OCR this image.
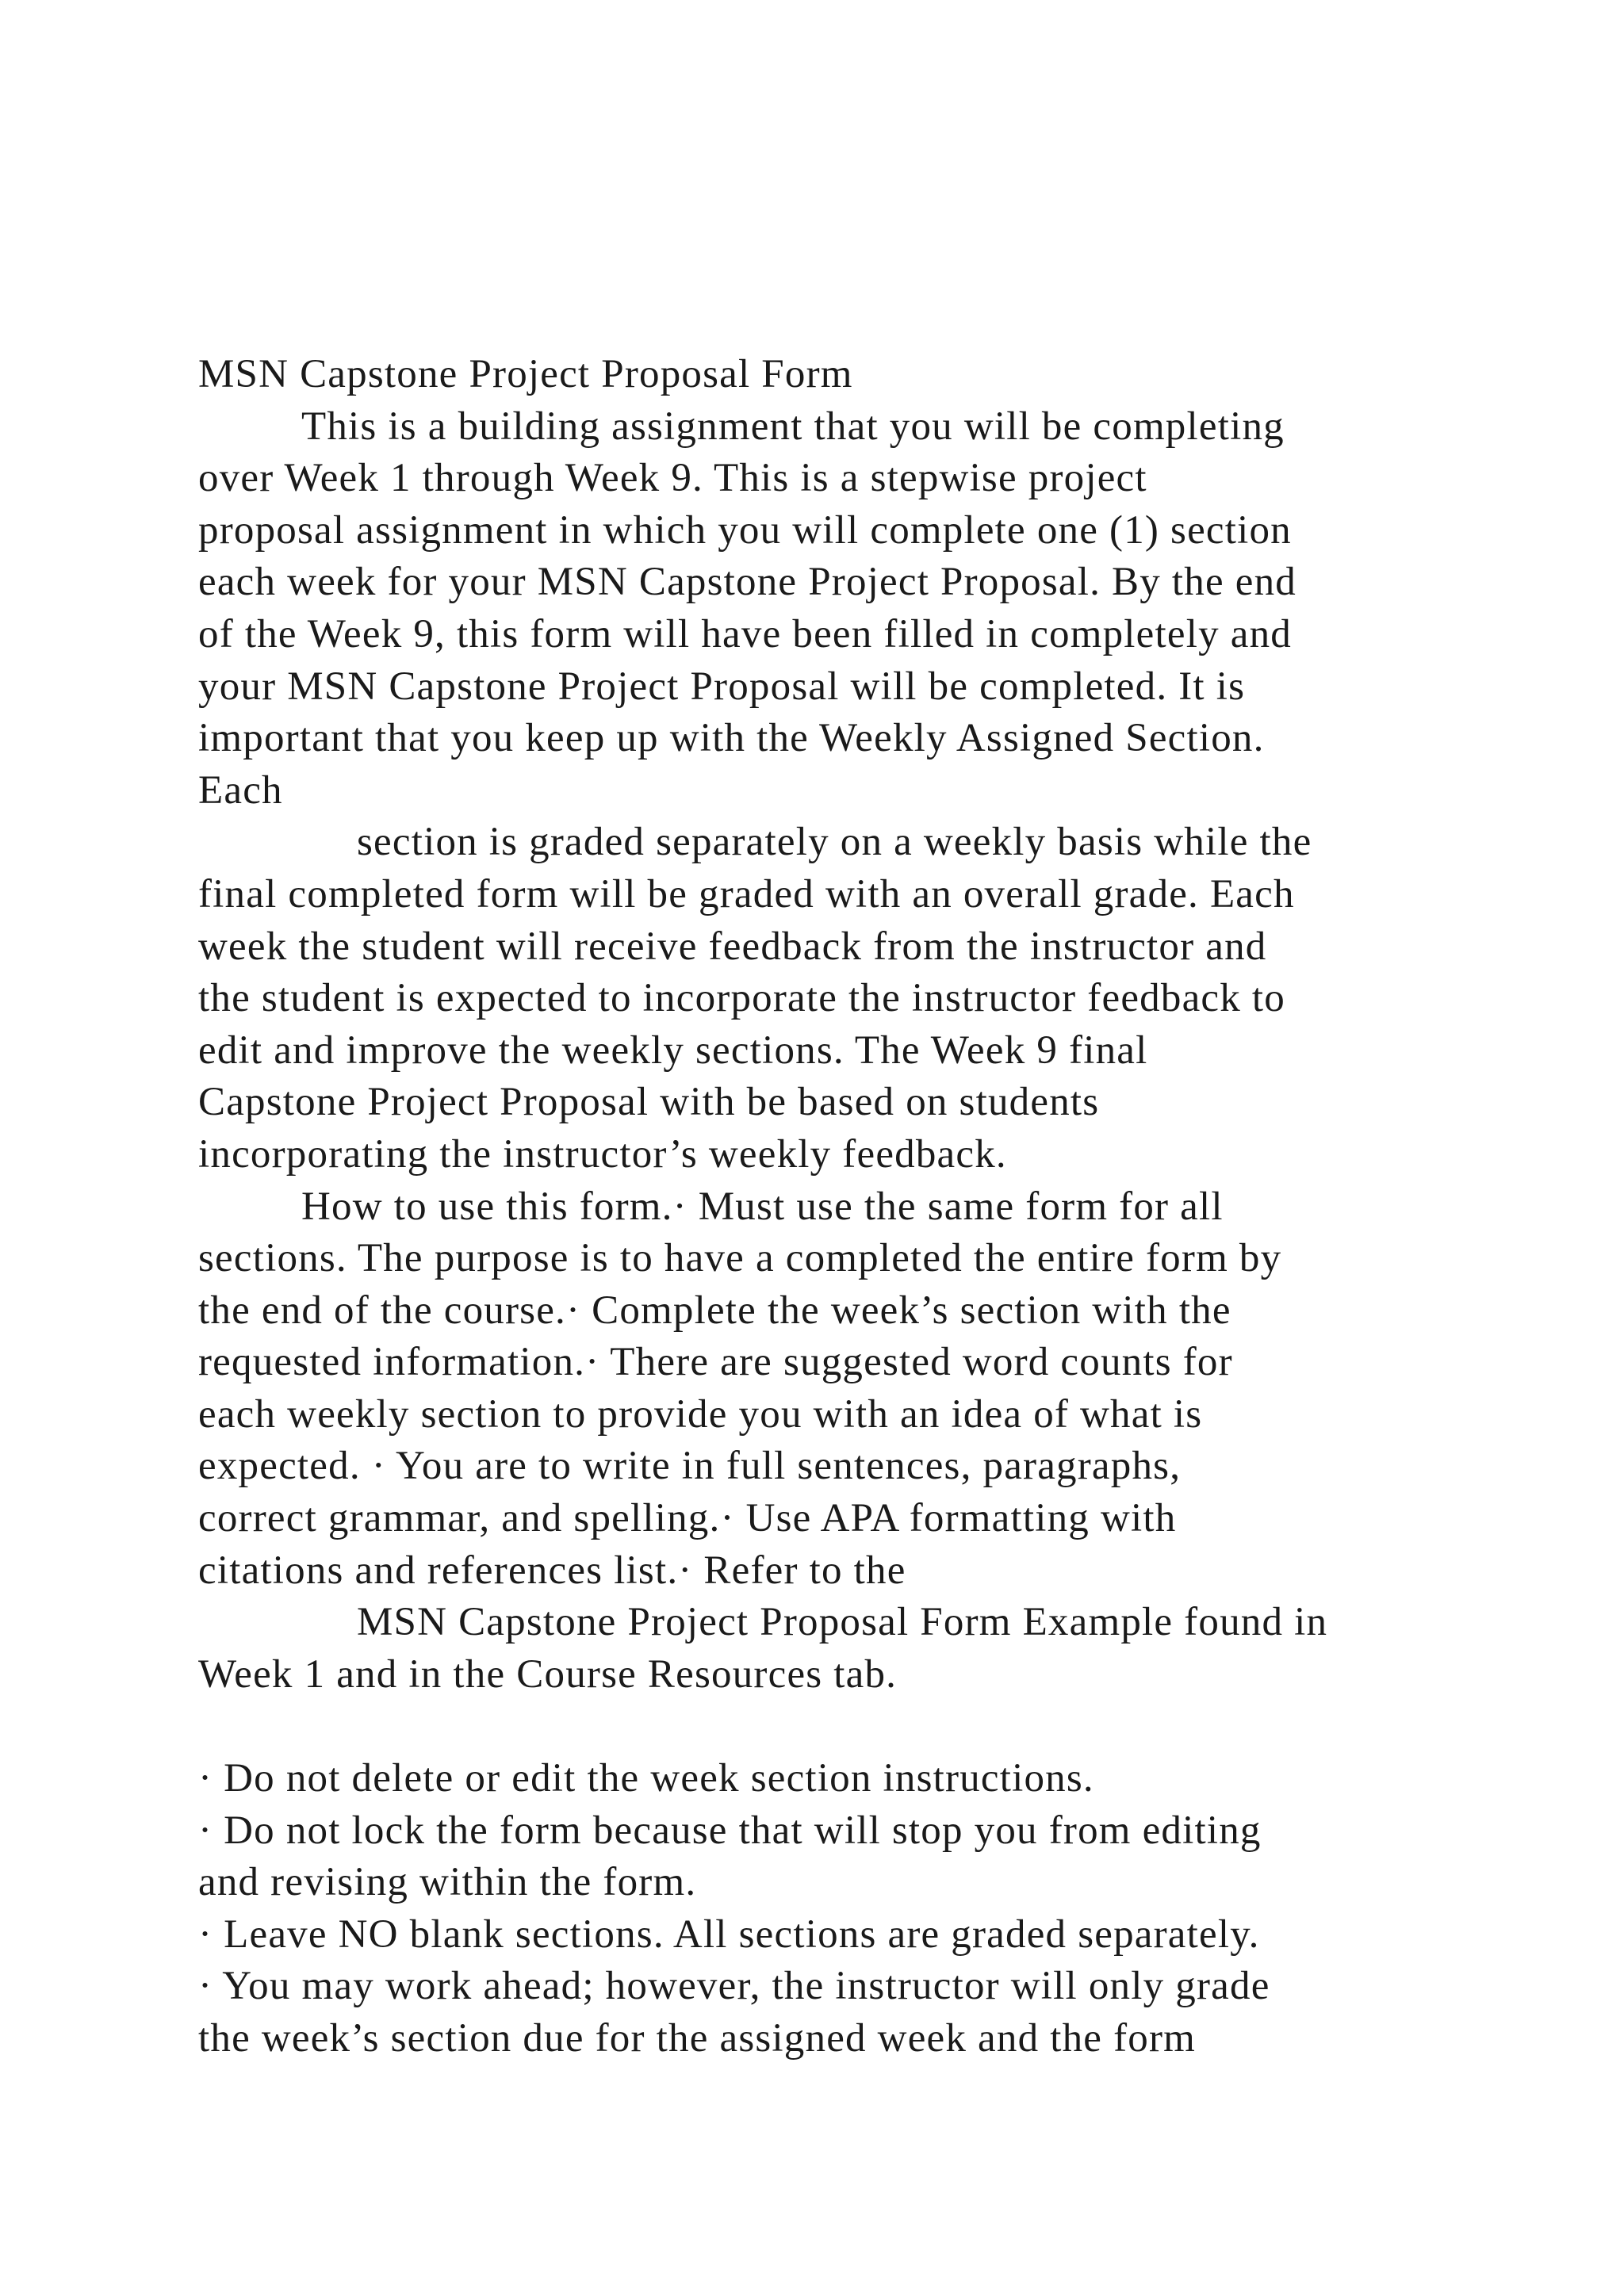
MSN Capstone Project Proposal Form
This is a building assignment that you will be completing
over Week 1 through Week 9. This is a stepwise project
proposal assignment in which you will complete one (1) section
each week for your MSN Capstone Project Proposal. By the end
of the Week 9, this form will have been filled in completely and
your MSN Capstone Project Proposal will be completed. It is
important that you keep up with the Weekly Assigned Section.
Each
section is graded separately on a weekly basis while the
final completed form will be graded with an overall grade. Each
week the student will receive feedback from the instructor and
the student is expected to incorporate the instructor feedback to
edit and improve the weekly sections. The Week 9 final
Capstone Project Proposal with be based on students
incorporating the instructor’s weekly feedback.
How to use this form.· Must use the same form for all
sections. The purpose is to have a completed the entire form by
the end of the course.· Complete the week’s section with the
requested information.· There are suggested word counts for
each weekly section to provide you with an idea of what is
expected. · You are to write in full sentences, paragraphs,
correct grammar, and spelling.· Use APA formatting with
citations and references list.· Refer to the
MSN Capstone Project Proposal Form Example found in
Week 1 and in the Course Resources tab.
· Do not delete or edit the week section instructions.
· Do not lock the form because that will stop you from editing
and revising within the form.
· Leave NO blank sections. All sections are graded separately.
· You may work ahead; however, the instructor will only grade
the week’s section due for the assigned week and the form
